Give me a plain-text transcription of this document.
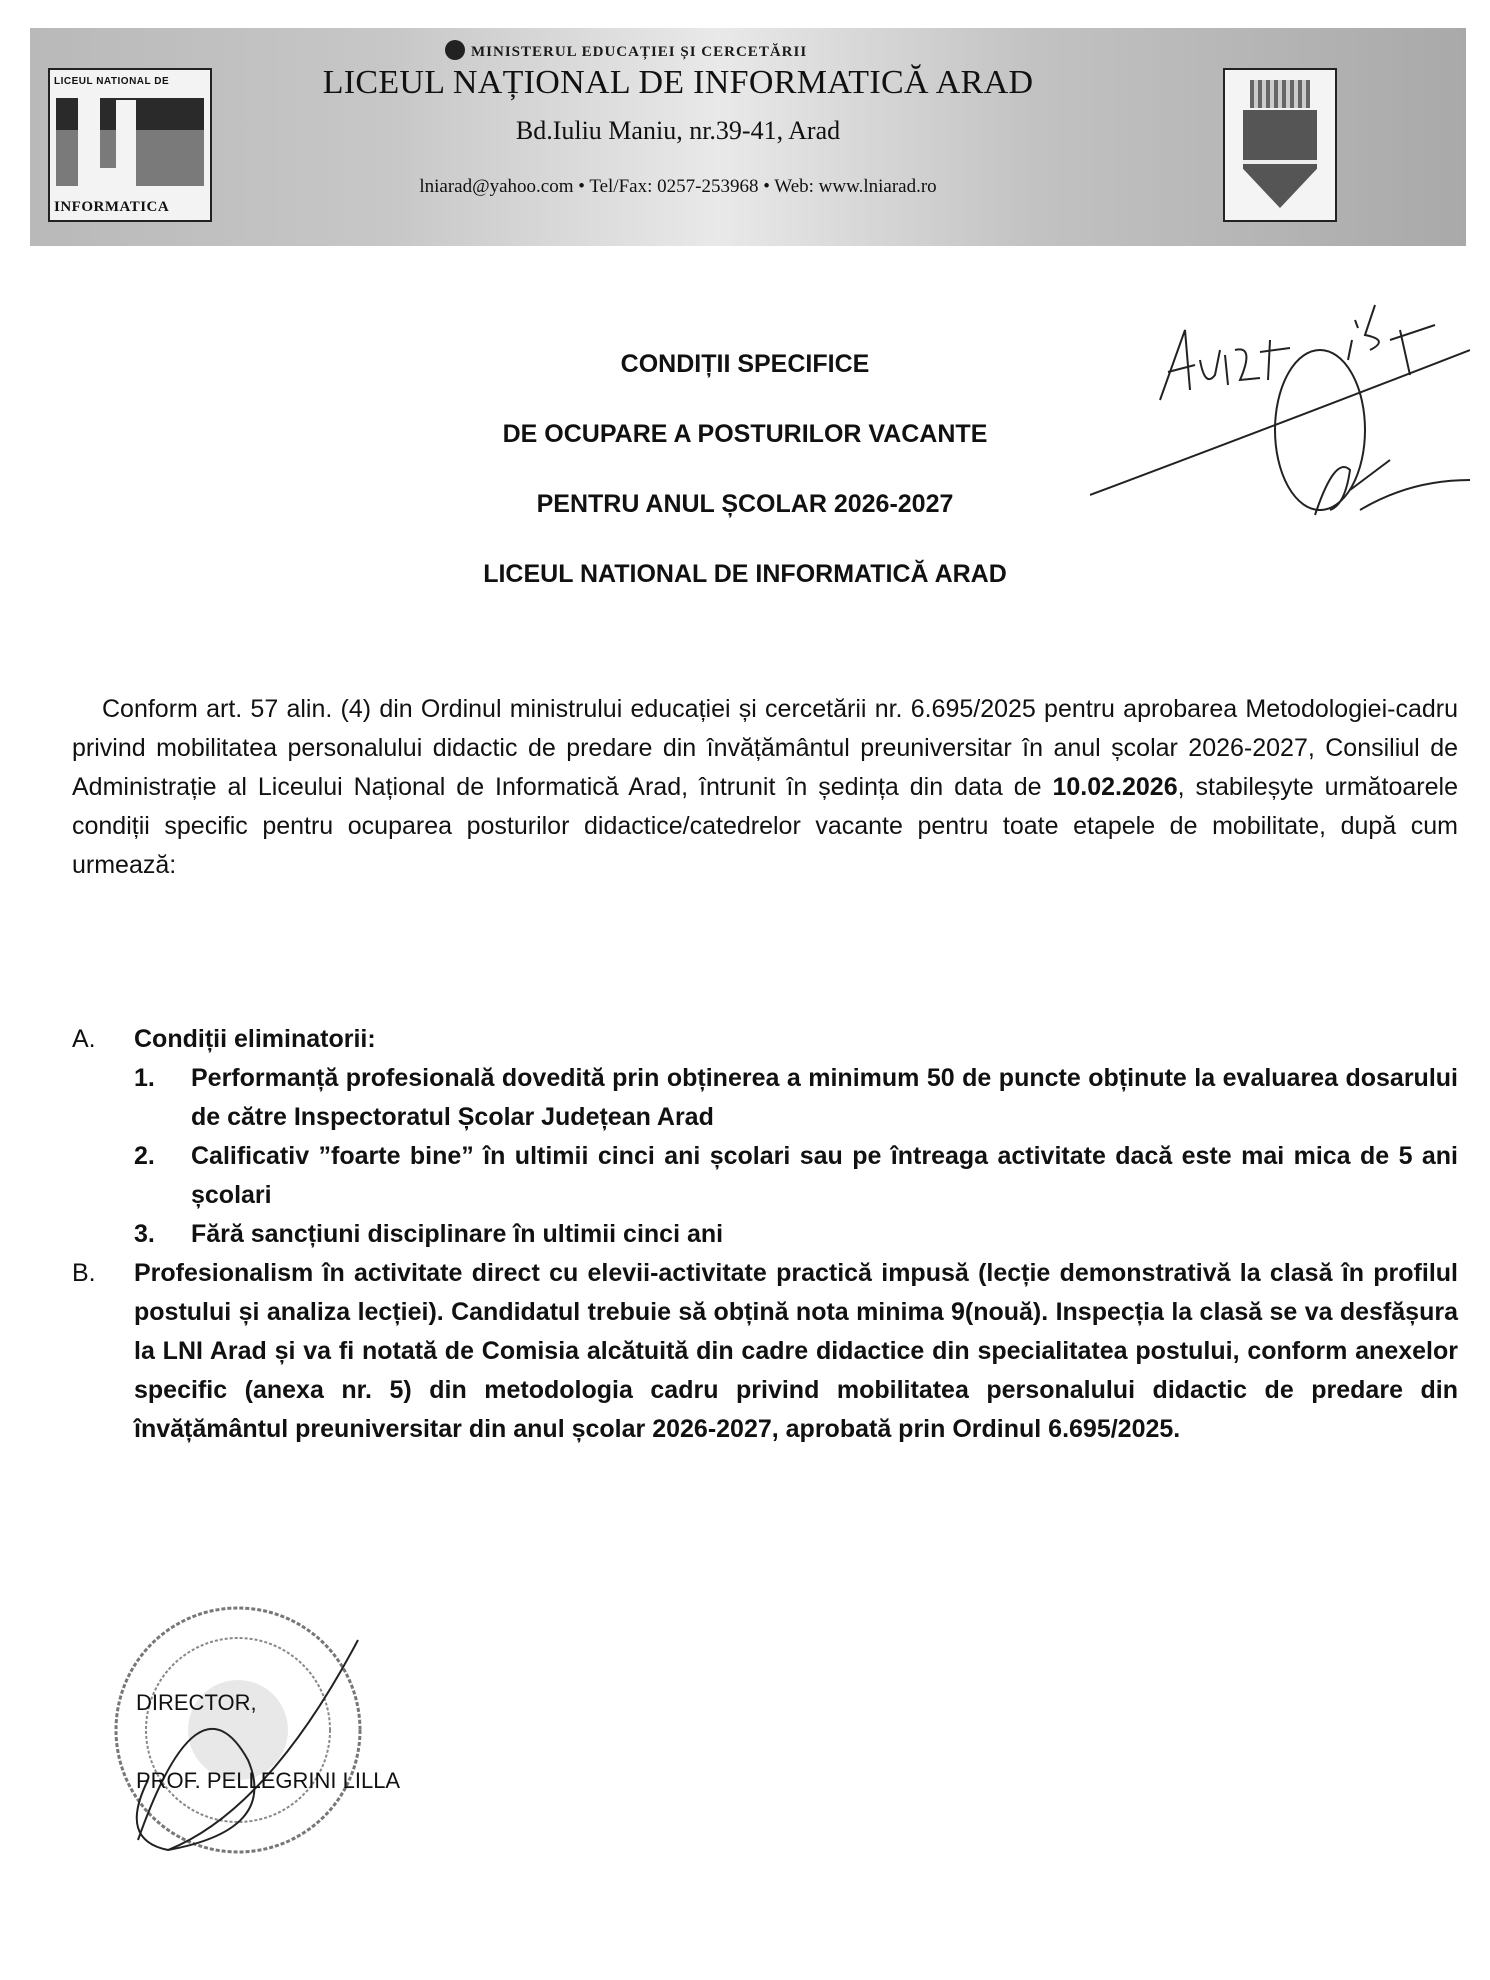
LICEUL NATIONAL DE
INFORMATICA
MINISTERUL EDUCAȚIEI ȘI CERCETĂRII
LICEUL NAȚIONAL DE INFORMATICĂ ARAD
Bd.Iuliu Maniu, nr.39-41, Arad
lniarad@yahoo.com • Tel/Fax: 0257-253968 • Web: www.lniarad.ro
CONDIȚII SPECIFICE
DE OCUPARE A POSTURILOR VACANTE
PENTRU ANUL ȘCOLAR 2026-2027
LICEUL NATIONAL DE INFORMATICĂ ARAD
Conform art. 57 alin. (4) din Ordinul ministrului educației și cercetării nr. 6.695/2025 pentru aprobarea Metodologiei-cadru privind mobilitatea personalului didactic de predare din învățământul preuniversitar în anul școlar 2026-2027, Consiliul de Administrație al Liceului Național de Informatică Arad, întrunit în ședința din data de 10.02.2026, stabileșyte următoarele condiții specific pentru ocuparea posturilor didactice/catedrelor vacante pentru toate etapele de mobilitate, după cum urmează:
A.	Condiții eliminatorii:
1.	Performanță profesională dovedită prin obținerea a minimum 50 de puncte obținute la evaluarea dosarului de către Inspectoratul Școlar Județean Arad
2.	Calificativ ”foarte bine” în ultimii cinci ani școlari sau pe întreaga activitate dacă este mai mica de 5 ani școlari
3.	Fără sancțiuni disciplinare în ultimii cinci ani
B.	Profesionalism în activitate direct cu elevii-activitate practică impusă (lecție demonstrativă la clasă în profilul postului și analiza lecției). Candidatul trebuie să obțină nota minima 9(nouă). Inspecția la clasă se va desfășura la LNI Arad și va fi notată de Comisia alcătuită din cadre didactice din specialitatea postului, conform anexelor specific (anexa nr. 5) din metodologia cadru privind mobilitatea personalului didactic de predare din învățământul preuniversitar din anul școlar 2026-2027, aprobată prin Ordinul 6.695/2025.
DIRECTOR,
PROF. PELLEGRINI LILLA
